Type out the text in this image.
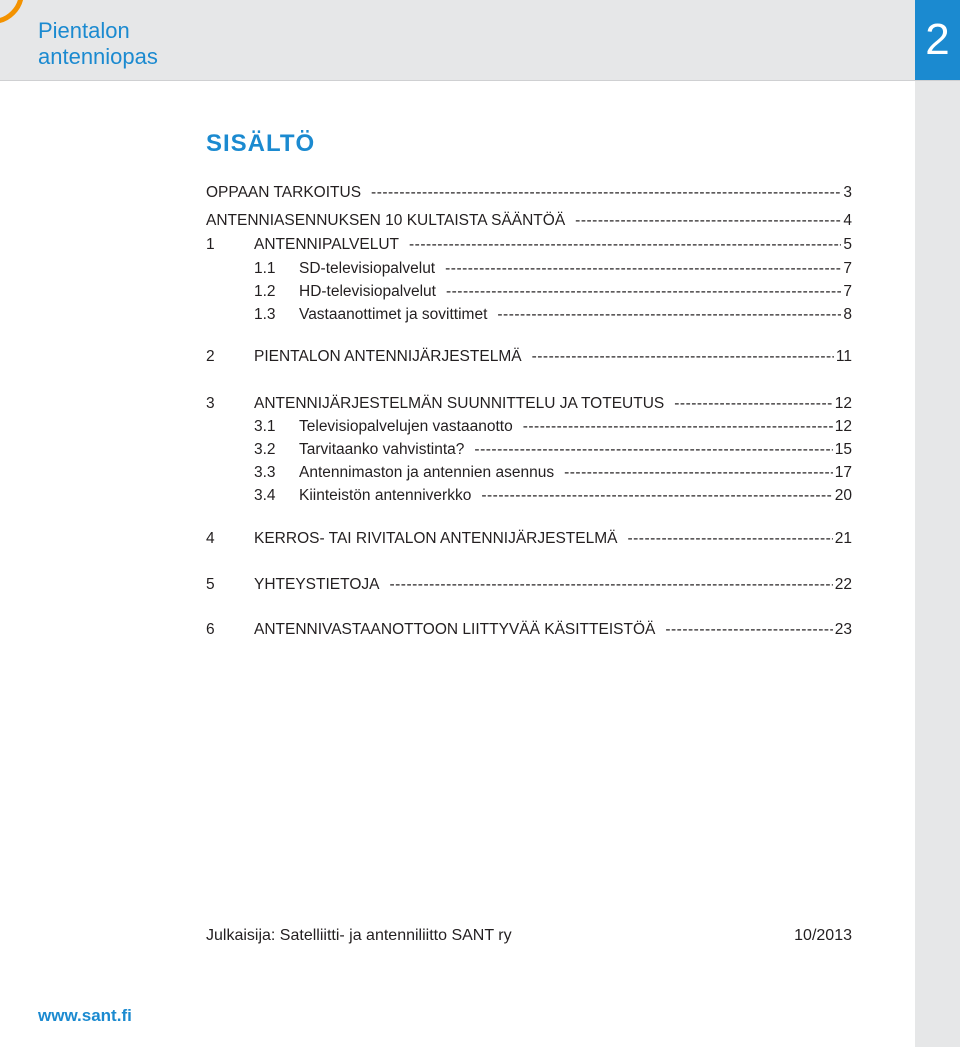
Pientalon
antenniopas	2
SISÄLTÖ
OPPAAN TARKOITUS -----	3
ANTENNIASENNUKSEN 10 KULTAISTA SÄÄNTÖÄ -----	4
1	ANTENNIPALVELUT -----	5
1.1	SD-televisiopalvelut -----	7
1.2	HD-televisiopalvelut -----	7
1.3	Vastaanottimet ja sovittimet -----	8
2	PIENTALON ANTENNIJÄRJESTELMÄ -----	11
3	ANTENNIJÄRJESTELMÄN SUUNNITTELU JA TOTEUTUS -----	12
3.1	Televisiopalvelujen vastaanotto -----	12
3.2	Tarvitaanko vahvistinta? -----	15
3.3	Antennimaston ja antennien asennus -----	17
3.4	Kiinteistön antenniverkko -----	20
4	KERROS- TAI RIVITALON ANTENNIJÄRJESTELMÄ -----	21
5	YHTEYSTIETOJA -----	22
6	ANTENNIVASTAANOTTOON LIITTYVÄÄ KÄSITTEISTÖÄ -----	23
Julkaisija: Satelliitti- ja antenniliitto SANT ry	10/2013
www.sant.fi
